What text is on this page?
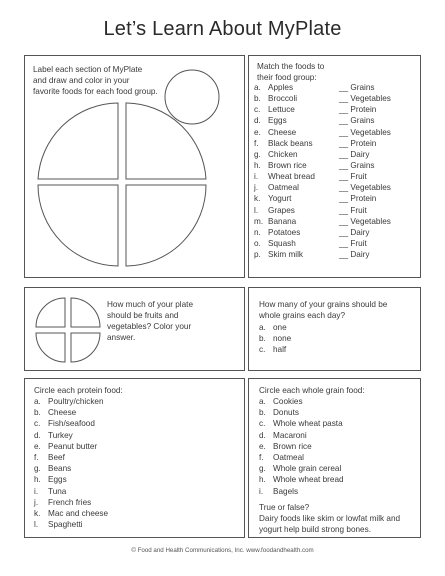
Let’s Learn About MyPlate
Label each section of MyPlate
and draw and color in your
favorite foods for each food group.
Match the foods to
their food group:
a. Apples	__ Grains
b. Broccoli	__ Vegetables
c. Lettuce	__ Protein
d. Eggs	__ Grains
e. Cheese	__ Vegetables
f.	Black beans	__ Protein
g. Chicken	__ Dairy
h. Brown rice	__ Grains
i.	Wheat bread	__ Fruit
j.	Oatmeal	__ Vegetables
k. Yogurt	__ Protein
l.	Grapes	__ Fruit
m. Banana	__ Vegetables
n. Potatoes	__ Dairy
o. Squash	__ Fruit
p. Skim milk	__ Dairy
How much of your plate
should be fruits and
vegetables? Color your
answer.
How many of your grains should be
whole grains each day?
a. one
b. none
c. half
Circle each protein food:
a. Poultry/chicken
b. Cheese
c. Fish/seafood
d. Turkey
e. Peanut butter
f.	Beef
g. Beans
h. Eggs
i.	Tuna
j.	French fries
k. Mac and cheese
l.	Spaghetti
Circle each whole grain food:
a. Cookies
b. Donuts
c. Whole wheat pasta
d. Macaroni
e. Brown rice
f.	Oatmeal
g. Whole grain cereal
h. Whole wheat bread
i.	Bagels
True or false?
Dairy foods like skim or lowfat milk and
yogurt help build strong bones.
© Food and Health Communications, Inc. www.foodandhealth.com
